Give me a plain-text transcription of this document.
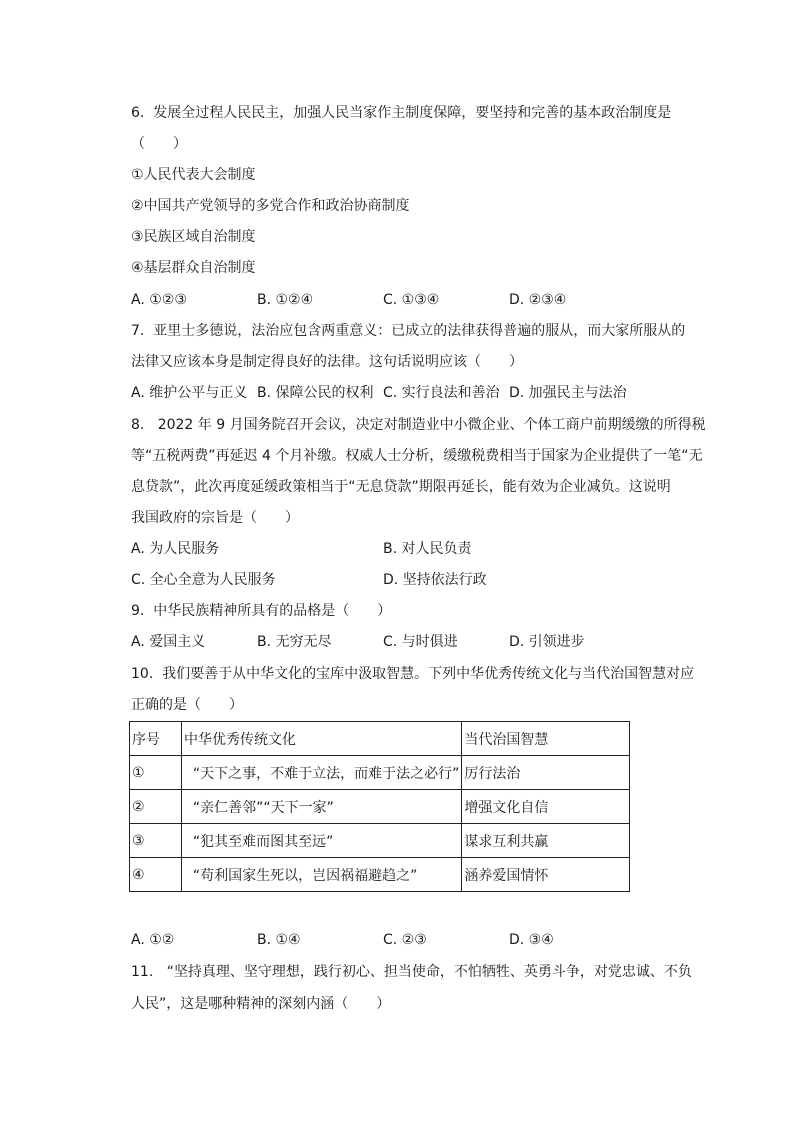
6.  发展全过程人民民主，加强人民当家作主制度保障，要坚持和完善的基本政治制度是
（　　）
①人民代表大会制度
②中国共产党领导的多党合作和政治协商制度
③民族区域自治制度
④基层群众自治制度
A. ①②③	B. ①②④	C. ①③④	D. ②③④
7.  亚里士多德说，法治应包含两重意义：已成立的法律获得普遍的服从，而大家所服从的
法律又应该本身是制定得良好的法律。这句话说明应该（　　）
A. 维护公平与正义 B. 保障公民的权利 C. 实行良法和善治 D. 加强民主与法治
8.   2022 年 9 月国务院召开会议，决定对制造业中小微企业、个体工商户前期缓缴的所得税
等“五税两费”再延迟 4 个月补缴。权威人士分析，缓缴税费相当于国家为企业提供了一笔“无
息贷款”，此次再度延缓政策相当于“无息贷款”期限再延长，能有效为企业减负。这说明
我国政府的宗旨是（　　）
A. 为人民服务	B. 对人民负责
C. 全心全意为人民服务	D. 坚持依法行政
9.  中华民族精神所具有的品格是（　　）
A. 爱国主义	B. 无穷无尽	C. 与时俱进	D. 引领进步
10.  我们要善于从中华文化的宝库中汲取智慧。下列中华优秀传统文化与当代治国智慧对应
正确的是（　　）
序号	中华优秀传统文化	当代治国智慧
①	“天下之事，不难于立法，而难于法之必行”	厉行法治
②	“亲仁善邻”“天下一家”	增强文化自信
③	“犯其至难而图其至远”	谋求互利共赢
④	“苟利国家生死以，岂因祸福避趋之”	涵养爱国情怀
A. ①②	B. ①④	C. ②③	D. ③④
11.   “坚持真理、坚守理想，践行初心、担当使命，不怕牺牲、英勇斗争，对党忠诚、不负
人民”，这是哪种精神的深刻内涵（　　）
